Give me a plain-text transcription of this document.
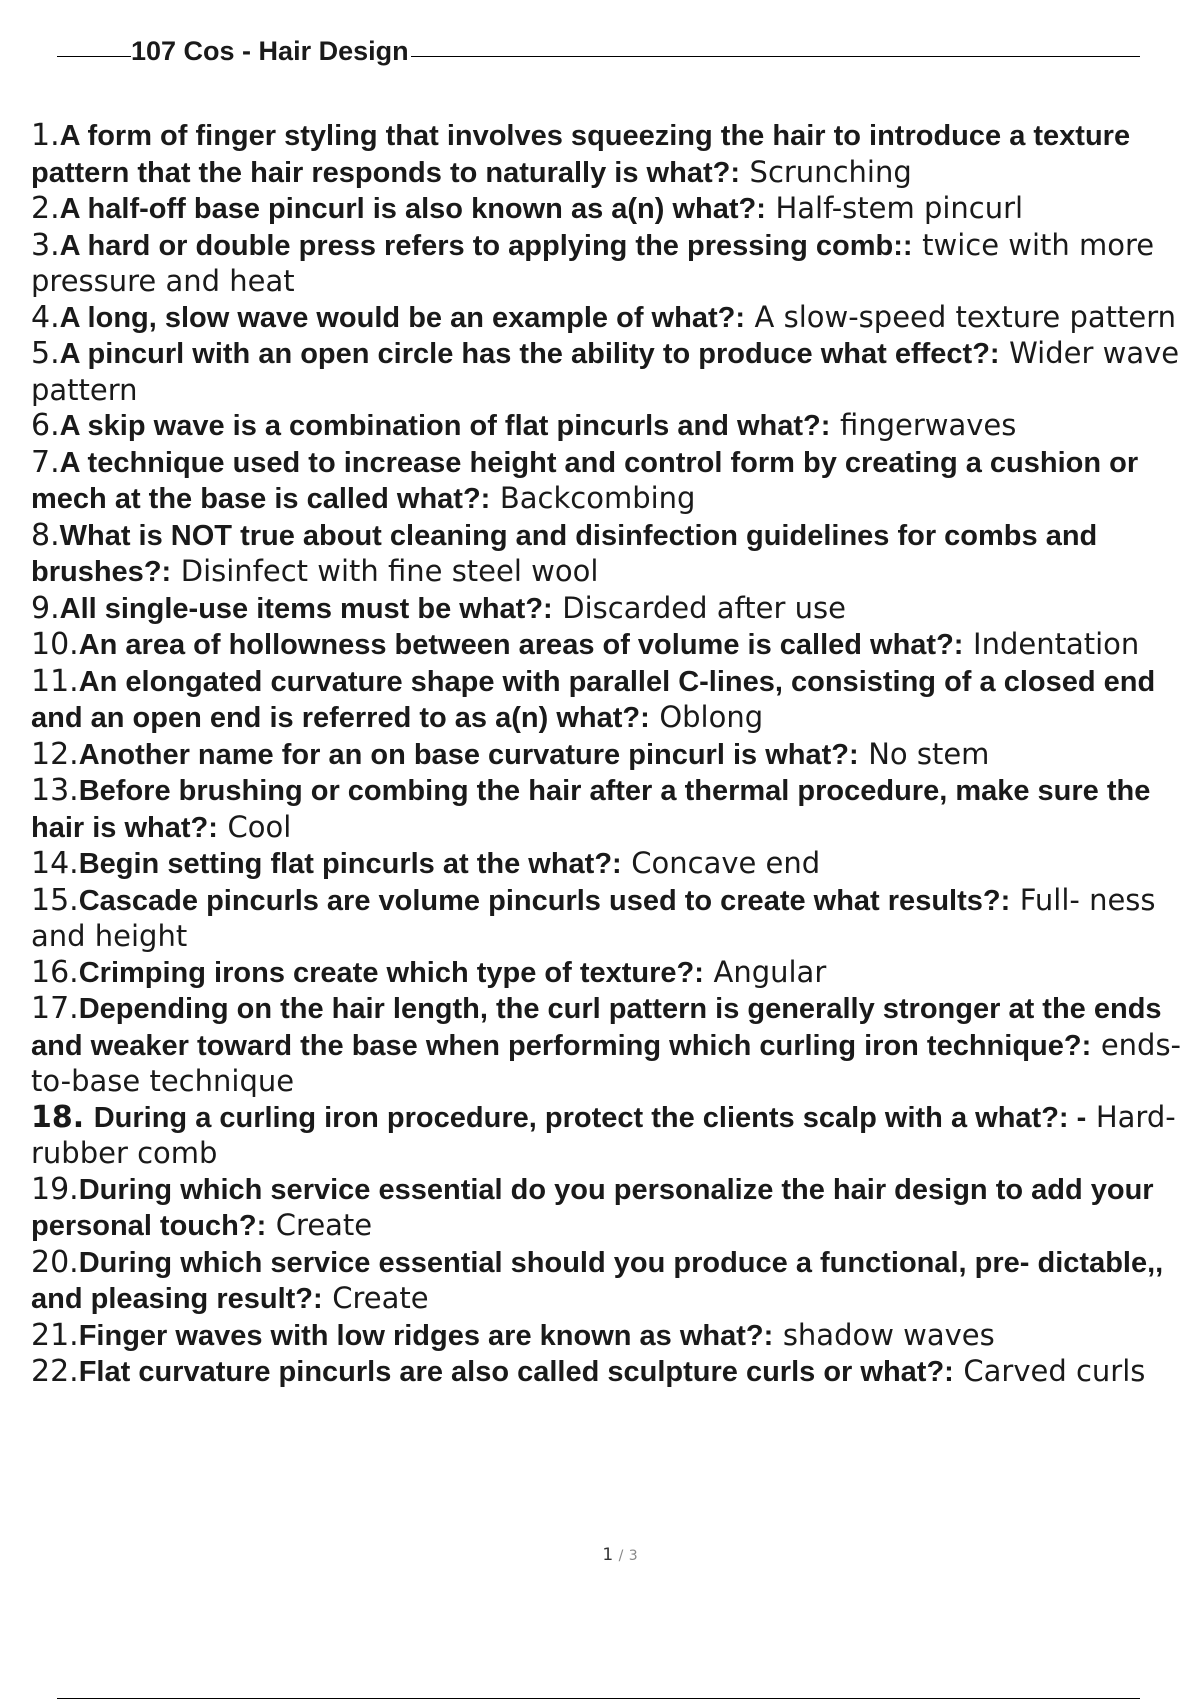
107 Cos - Hair Design
1.A form of finger styling that involves squeezing the hair to introduce a texture pattern that the hair responds to naturally is what?: Scrunching
2.A half-off base pincurl is also known as a(n) what?: Half-stem pincurl
3.A hard or double press refers to applying the pressing comb:: twice with more pressure and heat
4.A long, slow wave would be an example of what?: A slow-speed texture pattern
5.A pincurl with an open circle has the ability to produce what effect?: Wider wave pattern
6.A skip wave is a combination of flat pincurls and what?: fingerwaves
7.A technique used to increase height and control form by creating a cushion or mech at the base is called what?: Backcombing
8.What is NOT true about cleaning and disinfection guidelines for combs and brushes?: Disinfect with fine steel wool
9.All single-use items must be what?: Discarded after use
10.An area of hollowness between areas of volume is called what?: Indentation
11.An elongated curvature shape with parallel C-lines, consisting of a closed end and an open end is referred to as a(n) what?: Oblong
12.Another name for an on base curvature pincurl is what?: No stem
13.Before brushing or combing the hair after a thermal procedure, make sure the hair is what?: Cool
14.Begin setting flat pincurls at the what?: Concave end
15.Cascade pincurls are volume pincurls used to create what results?: Full- ness and height
16.Crimping irons create which type of texture?: Angular
17.Depending on the hair length, the curl pattern is generally stronger at the ends and weaker toward the base when performing which curling iron technique?: ends-to-base technique
18. During a curling iron procedure, protect the clients scalp with a what?: - Hard-rubber comb
19.During which service essential do you personalize the hair design to add your personal touch?: Create
20.During which service essential should you produce a functional, pre- dictable,, and pleasing result?: Create
21.Finger waves with low ridges are known as what?: shadow waves
22.Flat curvature pincurls are also called sculpture curls or what?: Carved curls
1 / 3
